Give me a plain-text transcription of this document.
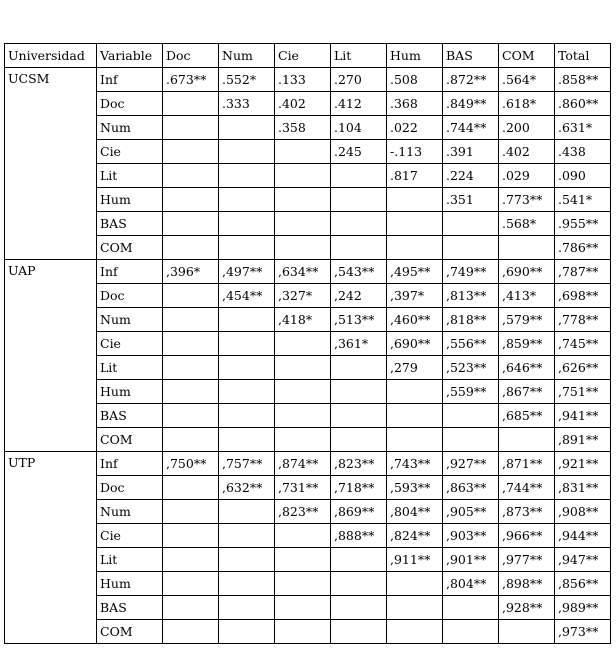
Universidad	Variable	Doc	Num	Cie	Lit	Hum	BAS	COM	Total
UCSM	Inf	.673**	.552*	.133	.270	.508	.872**	.564*	.858**
	Doc		.333	.402	.412	.368	.849**	.618*	.860**
	Num			.358	.104	.022	.744**	.200	.631*
	Cie				.245	-.113	.391	.402	.438
	Lit					.817	.224	.029	.090
	Hum						.351	.773**	.541*
	BAS							.568*	.955**
	COM								.786**
UAP	Inf	,396*	,497**	,634**	,543**	,495**	,749**	,690**	,787**
	Doc		,454**	,327*	,242	,397*	,813**	,413*	,698**
	Num			,418*	,513**	,460**	,818**	,579**	,778**
	Cie				,361*	,690**	,556**	,859**	,745**
	Lit					,279	,523**	,646**	,626**
	Hum						,559**	,867**	,751**
	BAS							,685**	,941**
	COM								,891**
UTP	Inf	,750**	,757**	,874**	,823**	,743**	,927**	,871**	,921**
	Doc		,632**	,731**	,718**	,593**	,863**	,744**	,831**
	Num			,823**	,869**	,804**	,905**	,873**	,908**
	Cie				,888**	,824**	,903**	,966**	,944**
	Lit					,911**	,901**	,977**	,947**
	Hum						,804**	,898**	,856**
	BAS							,928**	,989**
	COM								,973**
